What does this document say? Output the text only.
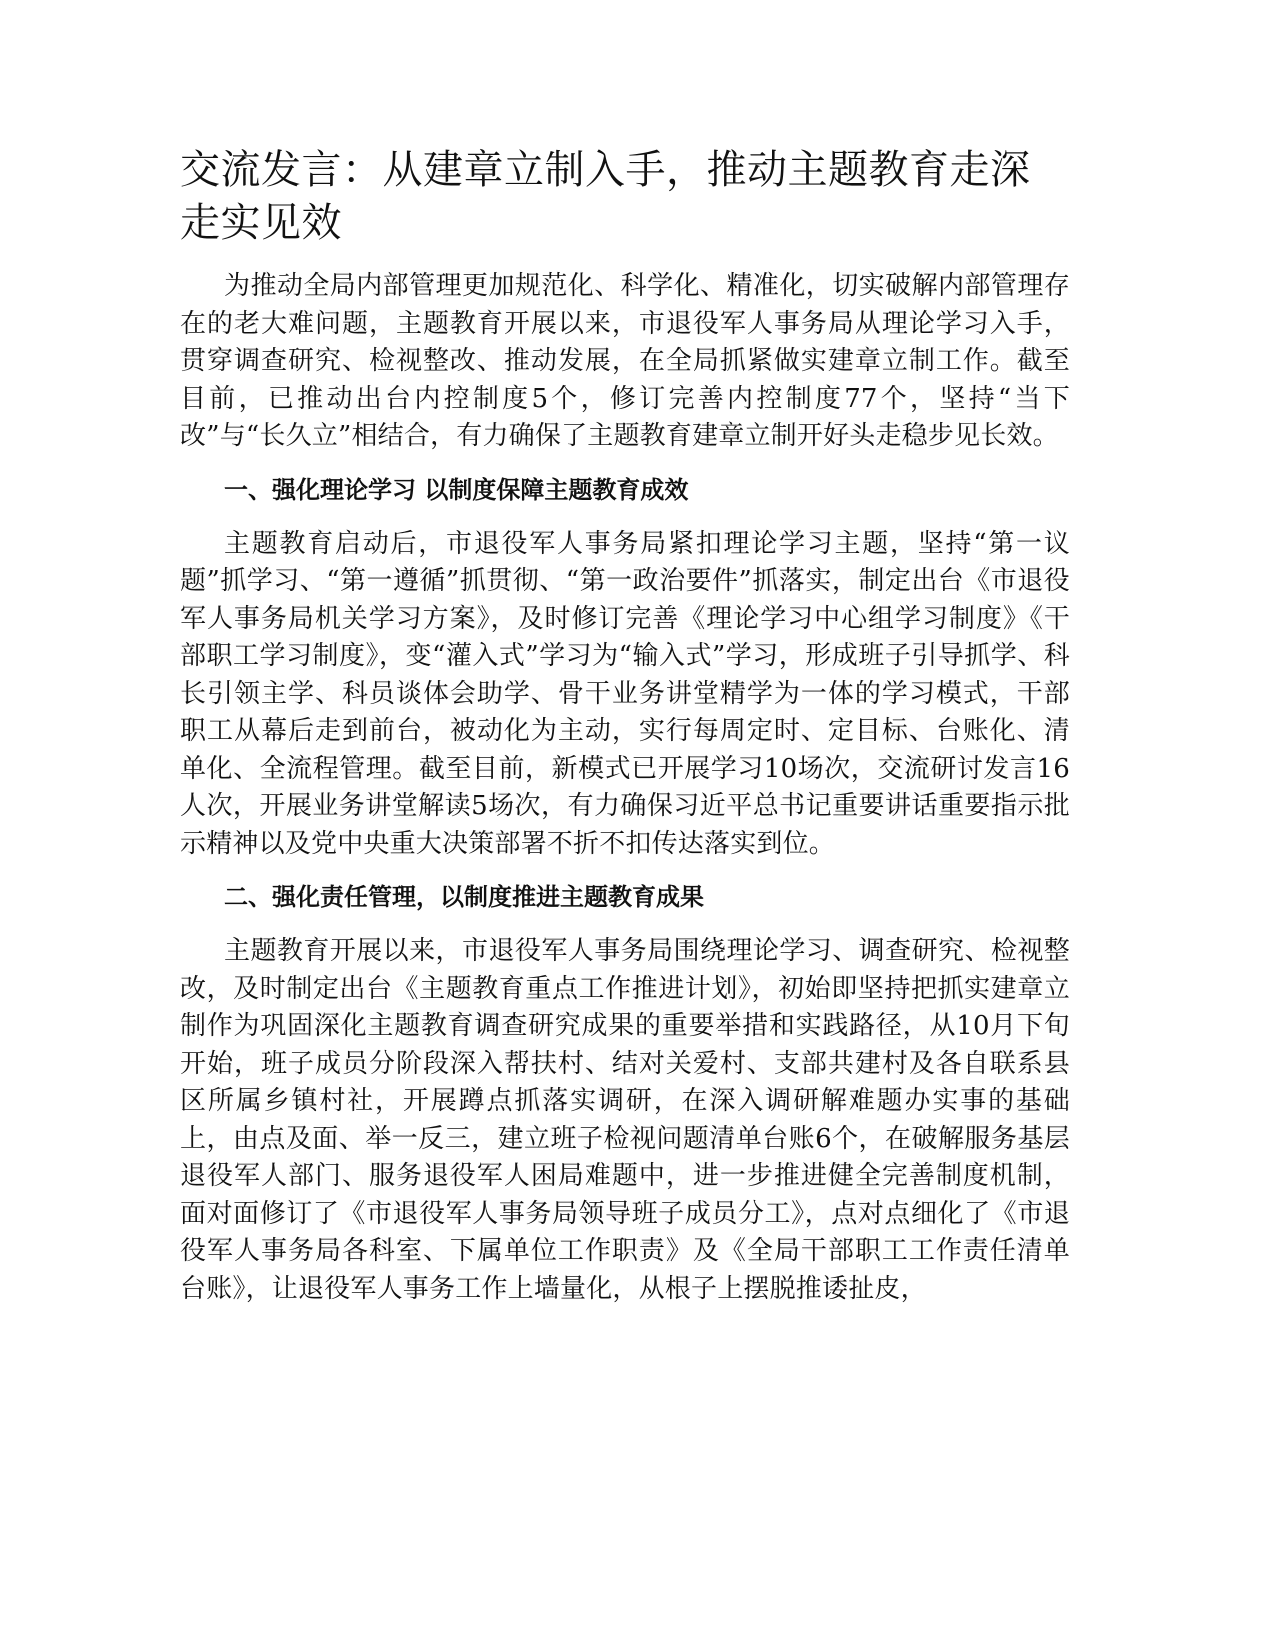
交流发言：从建章立制入手，推动主题教育走深走实见效

为推动全局内部管理更加规范化、科学化、精准化，切实破解内部管理存在的老大难问题，主题教育开展以来，市退役军人事务局从理论学习入手，贯穿调查研究、检视整改、推动发展，在全局抓紧做实建章立制工作。截至目前，已推动出台内控制度5个，修订完善内控制度77个，坚持“当下改”与“长久立”相结合，有力确保了主题教育建章立制开好头走稳步见长效。

一、强化理论学习 以制度保障主题教育成效

主题教育启动后，市退役军人事务局紧扣理论学习主题，坚持“第一议题”抓学习、“第一遵循”抓贯彻、“第一政治要件”抓落实，制定出台《市退役军人事务局机关学习方案》，及时修订完善《理论学习中心组学习制度》《干部职工学习制度》，变“灌入式”学习为“输入式”学习，形成班子引导抓学、科长引领主学、科员谈体会助学、骨干业务讲堂精学为一体的学习模式，干部职工从幕后走到前台，被动化为主动，实行每周定时、定目标、台账化、清单化、全流程管理。截至目前，新模式已开展学习10场次，交流研讨发言16人次，开展业务讲堂解读5场次，有力确保习近平总书记重要讲话重要指示批示精神以及党中央重大决策部署不折不扣传达落实到位。

二、强化责任管理，以制度推进主题教育成果

主题教育开展以来，市退役军人事务局围绕理论学习、调查研究、检视整改，及时制定出台《主题教育重点工作推进计划》，初始即坚持把抓实建章立制作为巩固深化主题教育调查研究成果的重要举措和实践路径，从10月下旬开始，班子成员分阶段深入帮扶村、结对关爱村、支部共建村及各自联系县区所属乡镇村社，开展蹲点抓落实调研，在深入调研解难题办实事的基础上，由点及面、举一反三，建立班子检视问题清单台账6个，在破解服务基层退役军人部门、服务退役军人困局难题中，进一步推进健全完善制度机制，面对面修订了《市退役军人事务局领导班子成员分工》，点对点细化了《市退役军人事务局各科室、下属单位工作职责》及《全局干部职工工作责任清单台账》，让退役军人事务工作上墙量化，从根子上摆脱推诿扯皮，
